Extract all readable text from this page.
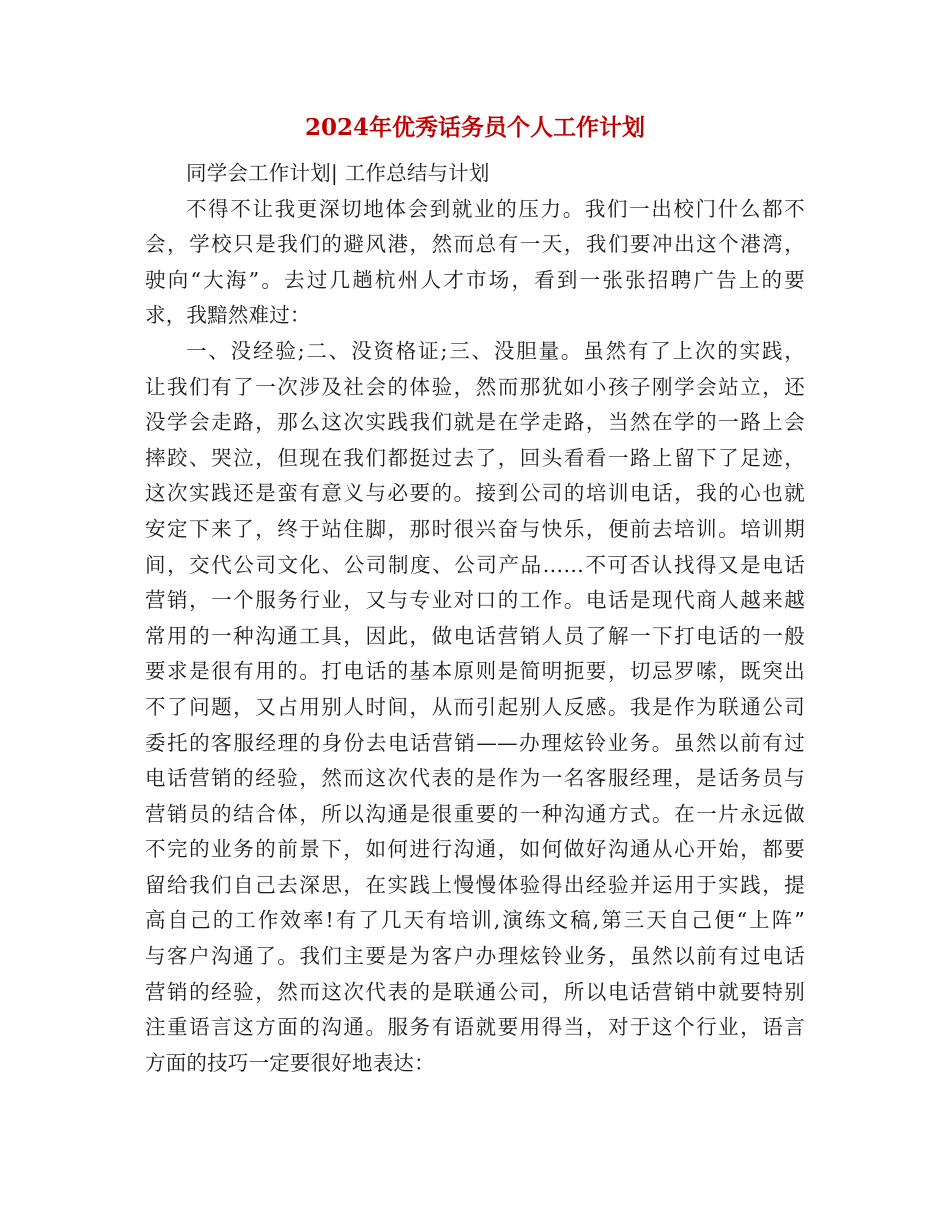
2024年优秀话务员个人工作计划
同学会工作计划| 工作总结与计划
不得不让我更深切地体会到就业的压力。我们一出校门什么都不
会，学校只是我们的避风港，然而总有一天，我们要冲出这个港湾，
驶向“大海”。去过几趟杭州人才市场，看到一张张招聘广告上的要
求，我黯然难过：
一、没经验;二、没资格证;三、没胆量。虽然有了上次的实践，
让我们有了一次涉及社会的体验，然而那犹如小孩子刚学会站立，还
没学会走路，那么这次实践我们就是在学走路，当然在学的一路上会
摔跤、哭泣，但现在我们都挺过去了，回头看看一路上留下了足迹，
这次实践还是蛮有意义与必要的。接到公司的培训电话，我的心也就
安定下来了，终于站住脚，那时很兴奋与快乐，便前去培训。培训期
间，交代公司文化、公司制度、公司产品……不可否认找得又是电话
营销，一个服务行业，又与专业对口的工作。电话是现代商人越来越
常用的一种沟通工具，因此，做电话营销人员了解一下打电话的一般
要求是很有用的。打电话的基本原则是简明扼要，切忌罗嗦，既突出
不了问题，又占用别人时间，从而引起别人反感。我是作为联通公司
委托的客服经理的身份去电话营销——办理炫铃业务。虽然以前有过
电话营销的经验，然而这次代表的是作为一名客服经理，是话务员与
营销员的结合体，所以沟通是很重要的一种沟通方式。在一片永远做
不完的业务的前景下，如何进行沟通，如何做好沟通从心开始，都要
留给我们自己去深思，在实践上慢慢体验得出经验并运用于实践，提
高自己的工作效率!有了几天有培训,演练文稿,第三天自己便“上阵”
与客户沟通了。我们主要是为客户办理炫铃业务，虽然以前有过电话
营销的经验，然而这次代表的是联通公司，所以电话营销中就要特别
注重语言这方面的沟通。服务有语就要用得当，对于这个行业，语言
方面的技巧一定要很好地表达：
